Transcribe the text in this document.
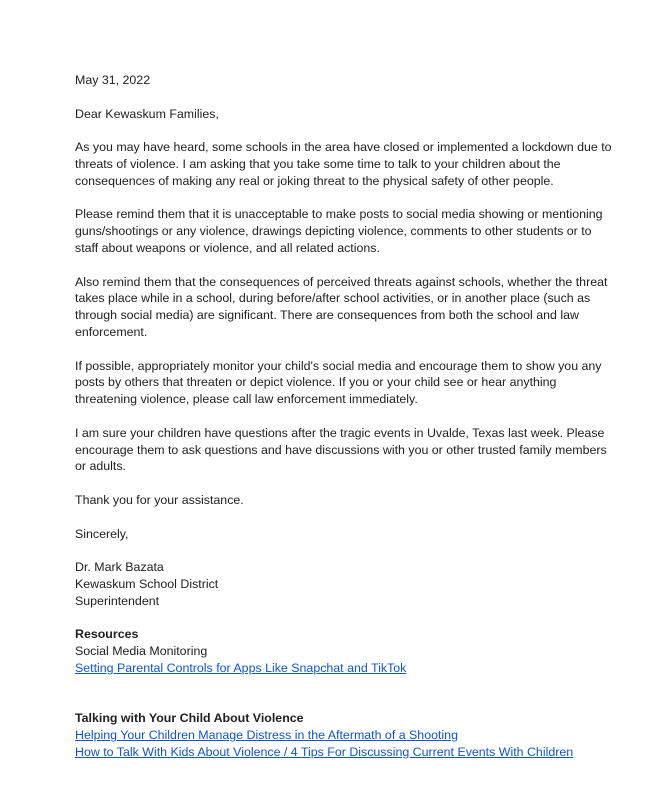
May 31, 2022

Dear Kewaskum Families,

As you may have heard, some schools in the area have closed or implemented a lockdown due to threats of violence. I am asking that you take some time to talk to your children about the consequences of making any real or joking threat to the physical safety of other people.

Please remind them that it is unacceptable to make posts to social media showing or mentioning guns/shootings or any violence, drawings depicting violence, comments to other students or to staff about weapons or violence, and all related actions.

Also remind them that the consequences of perceived threats against schools, whether the threat takes place while in a school, during before/after school activities, or in another place (such as through social media) are significant. There are consequences from both the school and law enforcement.

If possible, appropriately monitor your child's social media and encourage them to show you any posts by others that threaten or depict violence. If you or your child see or hear anything threatening violence, please call law enforcement immediately.

I am sure your children have questions after the tragic events in Uvalde, Texas last week. Please encourage them to ask questions and have discussions with you or other trusted family members or adults.

Thank you for your assistance.

Sincerely,

Dr. Mark Bazata
Kewaskum School District
Superintendent
Resources
Social Media Monitoring
Setting Parental Controls for Apps Like Snapchat and TikTok
Talking with Your Child About Violence
Helping Your Children Manage Distress in the Aftermath of a Shooting
How to Talk With Kids About Violence / 4 Tips For Discussing Current Events With Children
